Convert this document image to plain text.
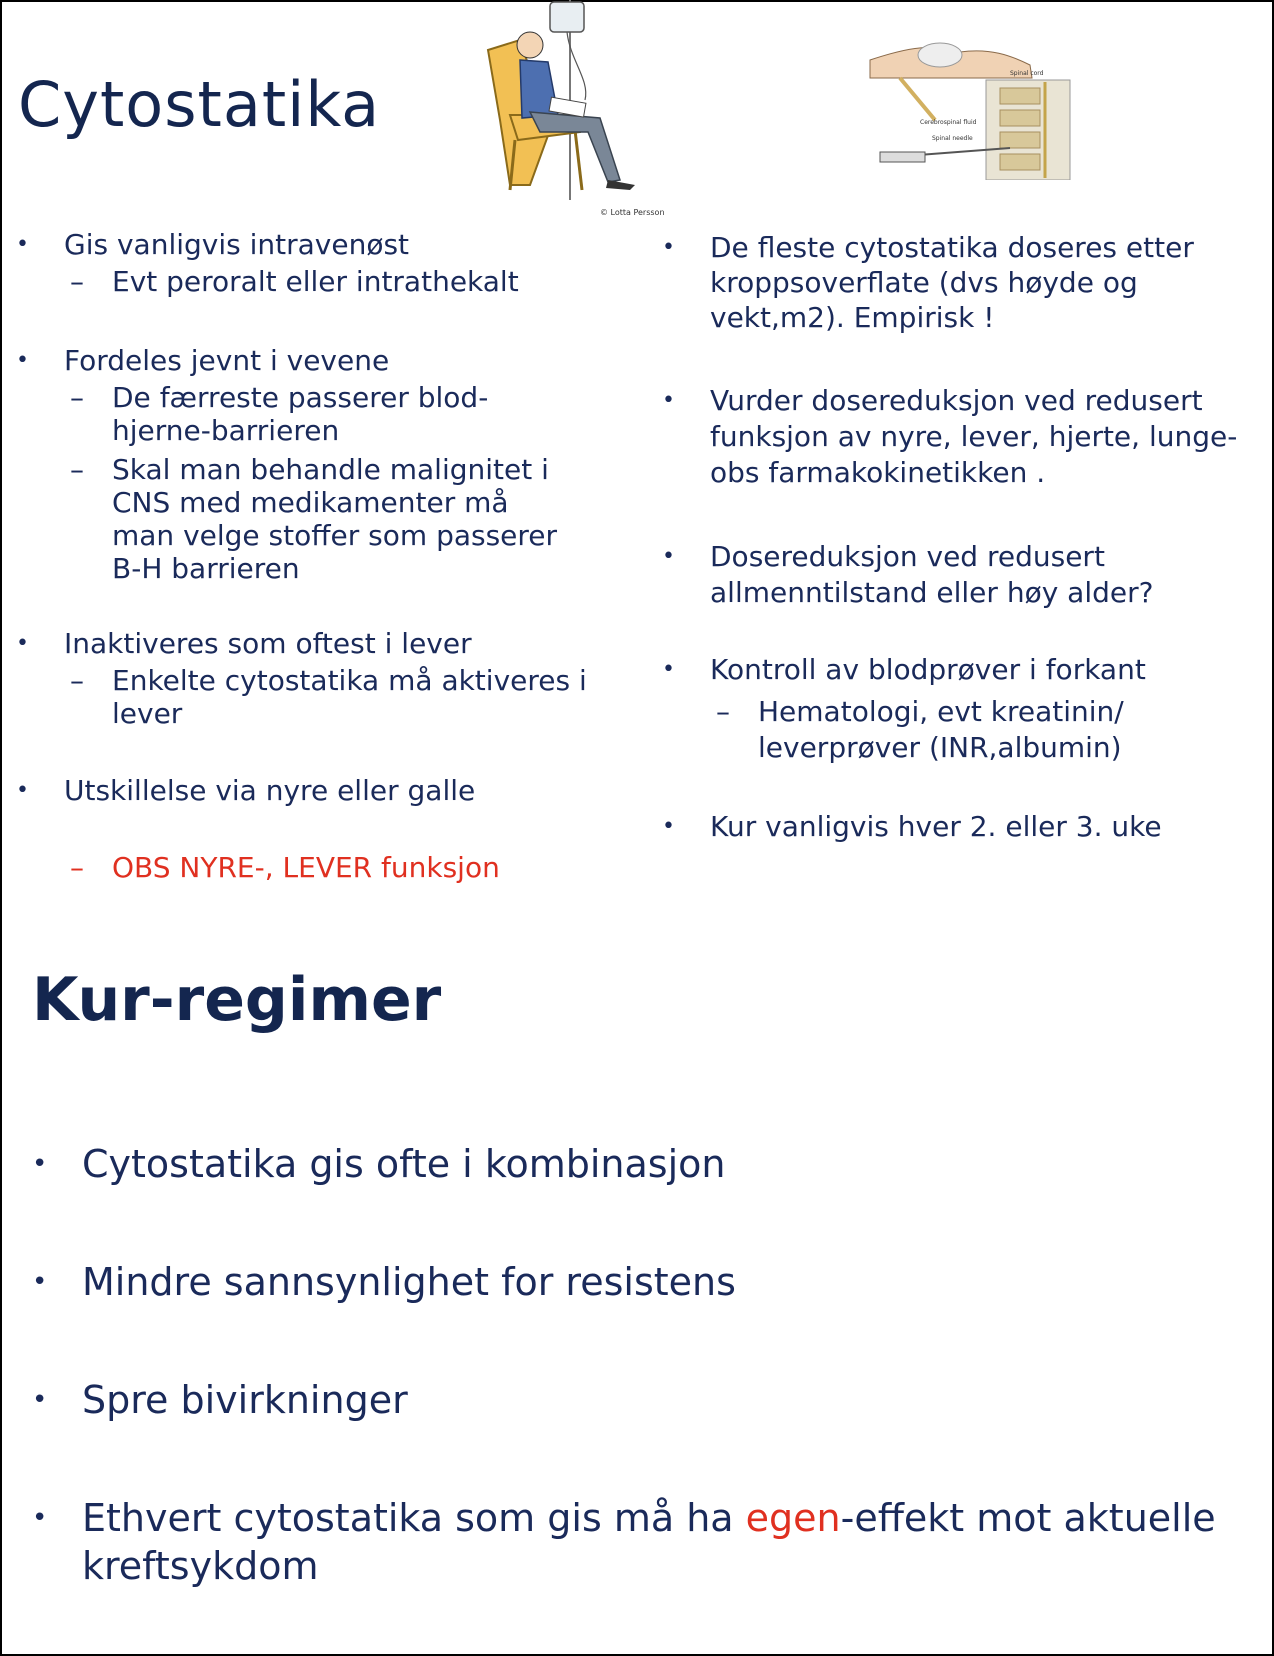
Cytostatika
© Lotta Persson
Spinal cord
Cerebrospinal fluid
Spinal needle
• Gis vanligvis intravenøst
– Evt peroralt eller intrathekalt
• Fordeles jevnt i vevene
– De færreste passerer blod-hjerne-barrieren
– Skal man behandle malignitet i CNS med medikamenter må man velge stoffer som passerer B-H barrieren
• Inaktiveres som oftest i lever
– Enkelte cytostatika må aktiveres i lever
• Utskillelse via nyre eller galle
– OBS NYRE-, LEVER funksjon
• De fleste cytostatika doseres etter kroppsoverflate (dvs høyde og vekt,m2). Empirisk !
• Vurder dosereduksjon ved redusert funksjon av nyre, lever, hjerte, lunge-obs farmakokinetikken .
• Dosereduksjon ved redusert allmenntilstand eller høy alder?
• Kontroll av blodprøver i forkant
– Hematologi, evt kreatinin/ leverprøver (INR,albumin)
• Kur vanligvis hver 2. eller 3. uke
Kur-regimer
• Cytostatika gis ofte i kombinasjon
• Mindre sannsynlighet for resistens
• Spre bivirkninger
• Ethvert cytostatika som gis må ha egen-effekt mot aktuelle kreftsykdom
